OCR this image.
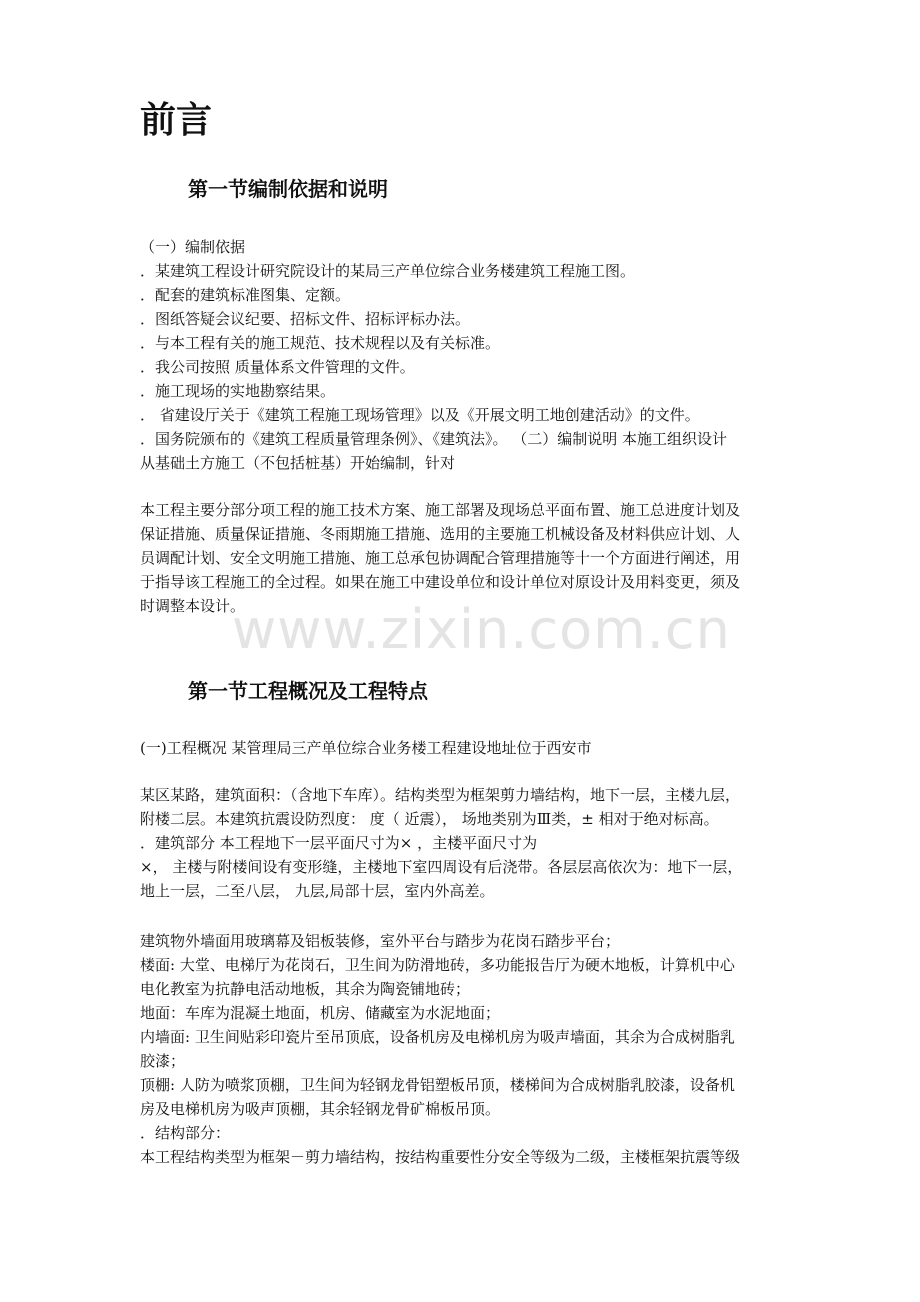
www.zixin.com.cn
前言
第一节编制依据和说明
（一）编制依据
．某建筑工程设计研究院设计的某局三产单位综合业务楼建筑工程施工图。
．配套的建筑标准图集、定额。
．图纸答疑会议纪要、招标文件、招标评标办法。
．与本工程有关的施工规范、技术规程以及有关标准。
．我公司按照 质量体系文件管理的文件。
．施工现场的实地勘察结果。
． 省建设厅关于《建筑工程施工现场管理》以及《开展文明工地创建活动》的文件。
．国务院颁布的《建筑工程质量管理条例》、《建筑法》。 （二）编制说明 本施工组织设计
从基础土方施工（不包括桩基）开始编制，针对
本工程主要分部分项工程的施工技术方案、施工部署及现场总平面布置、施工总进度计划及
保证措施、质量保证措施、冬雨期施工措施、选用的主要施工机械设备及材料供应计划、人
员调配计划、安全文明施工措施、施工总承包协调配合管理措施等十一个方面进行阐述，用
于指导该工程施工的全过程。如果在施工中建设单位和设计单位对原设计及用料变更，须及
时调整本设计。
第一节工程概况及工程特点
(一)工程概况 某管理局三产单位综合业务楼工程建设地址位于西安市
某区某路，建筑面积：（含地下车库）。结构类型为框架剪力墙结构，地下一层，主楼九层，
附楼二层。本建筑抗震设防烈度： 度（ 近震）， 场地类别为Ⅲ类，± 相对于绝对标高。
．建筑部分 本工程地下一层平面尺寸为× ，主楼平面尺寸为
×， 主楼与附楼间设有变形缝，主楼地下室四周设有后浇带。各层层高依次为：地下一层，
地上一层，二至八层， 九层,局部十层，室内外高差。
建筑物外墙面用玻璃幕及铝板装修，室外平台与踏步为花岗石踏步平台；
楼面: 大堂、电梯厅为花岗石，卫生间为防滑地砖，多功能报告厅为硬木地板，计算机中心
电化教室为抗静电活动地板，其余为陶瓷铺地砖；
地面：车库为混凝土地面，机房、储藏室为水泥地面；
内墙面: 卫生间贴彩印瓷片至吊顶底，设备机房及电梯机房为吸声墙面，其余为合成树脂乳
胶漆；
顶棚: 人防为喷浆顶棚，卫生间为轻钢龙骨铝塑板吊顶，楼梯间为合成树脂乳胶漆，设备机
房及电梯机房为吸声顶棚，其余轻钢龙骨矿棉板吊顶。
．结构部分：
本工程结构类型为框架－剪力墙结构，按结构重要性分安全等级为二级，主楼框架抗震等级
